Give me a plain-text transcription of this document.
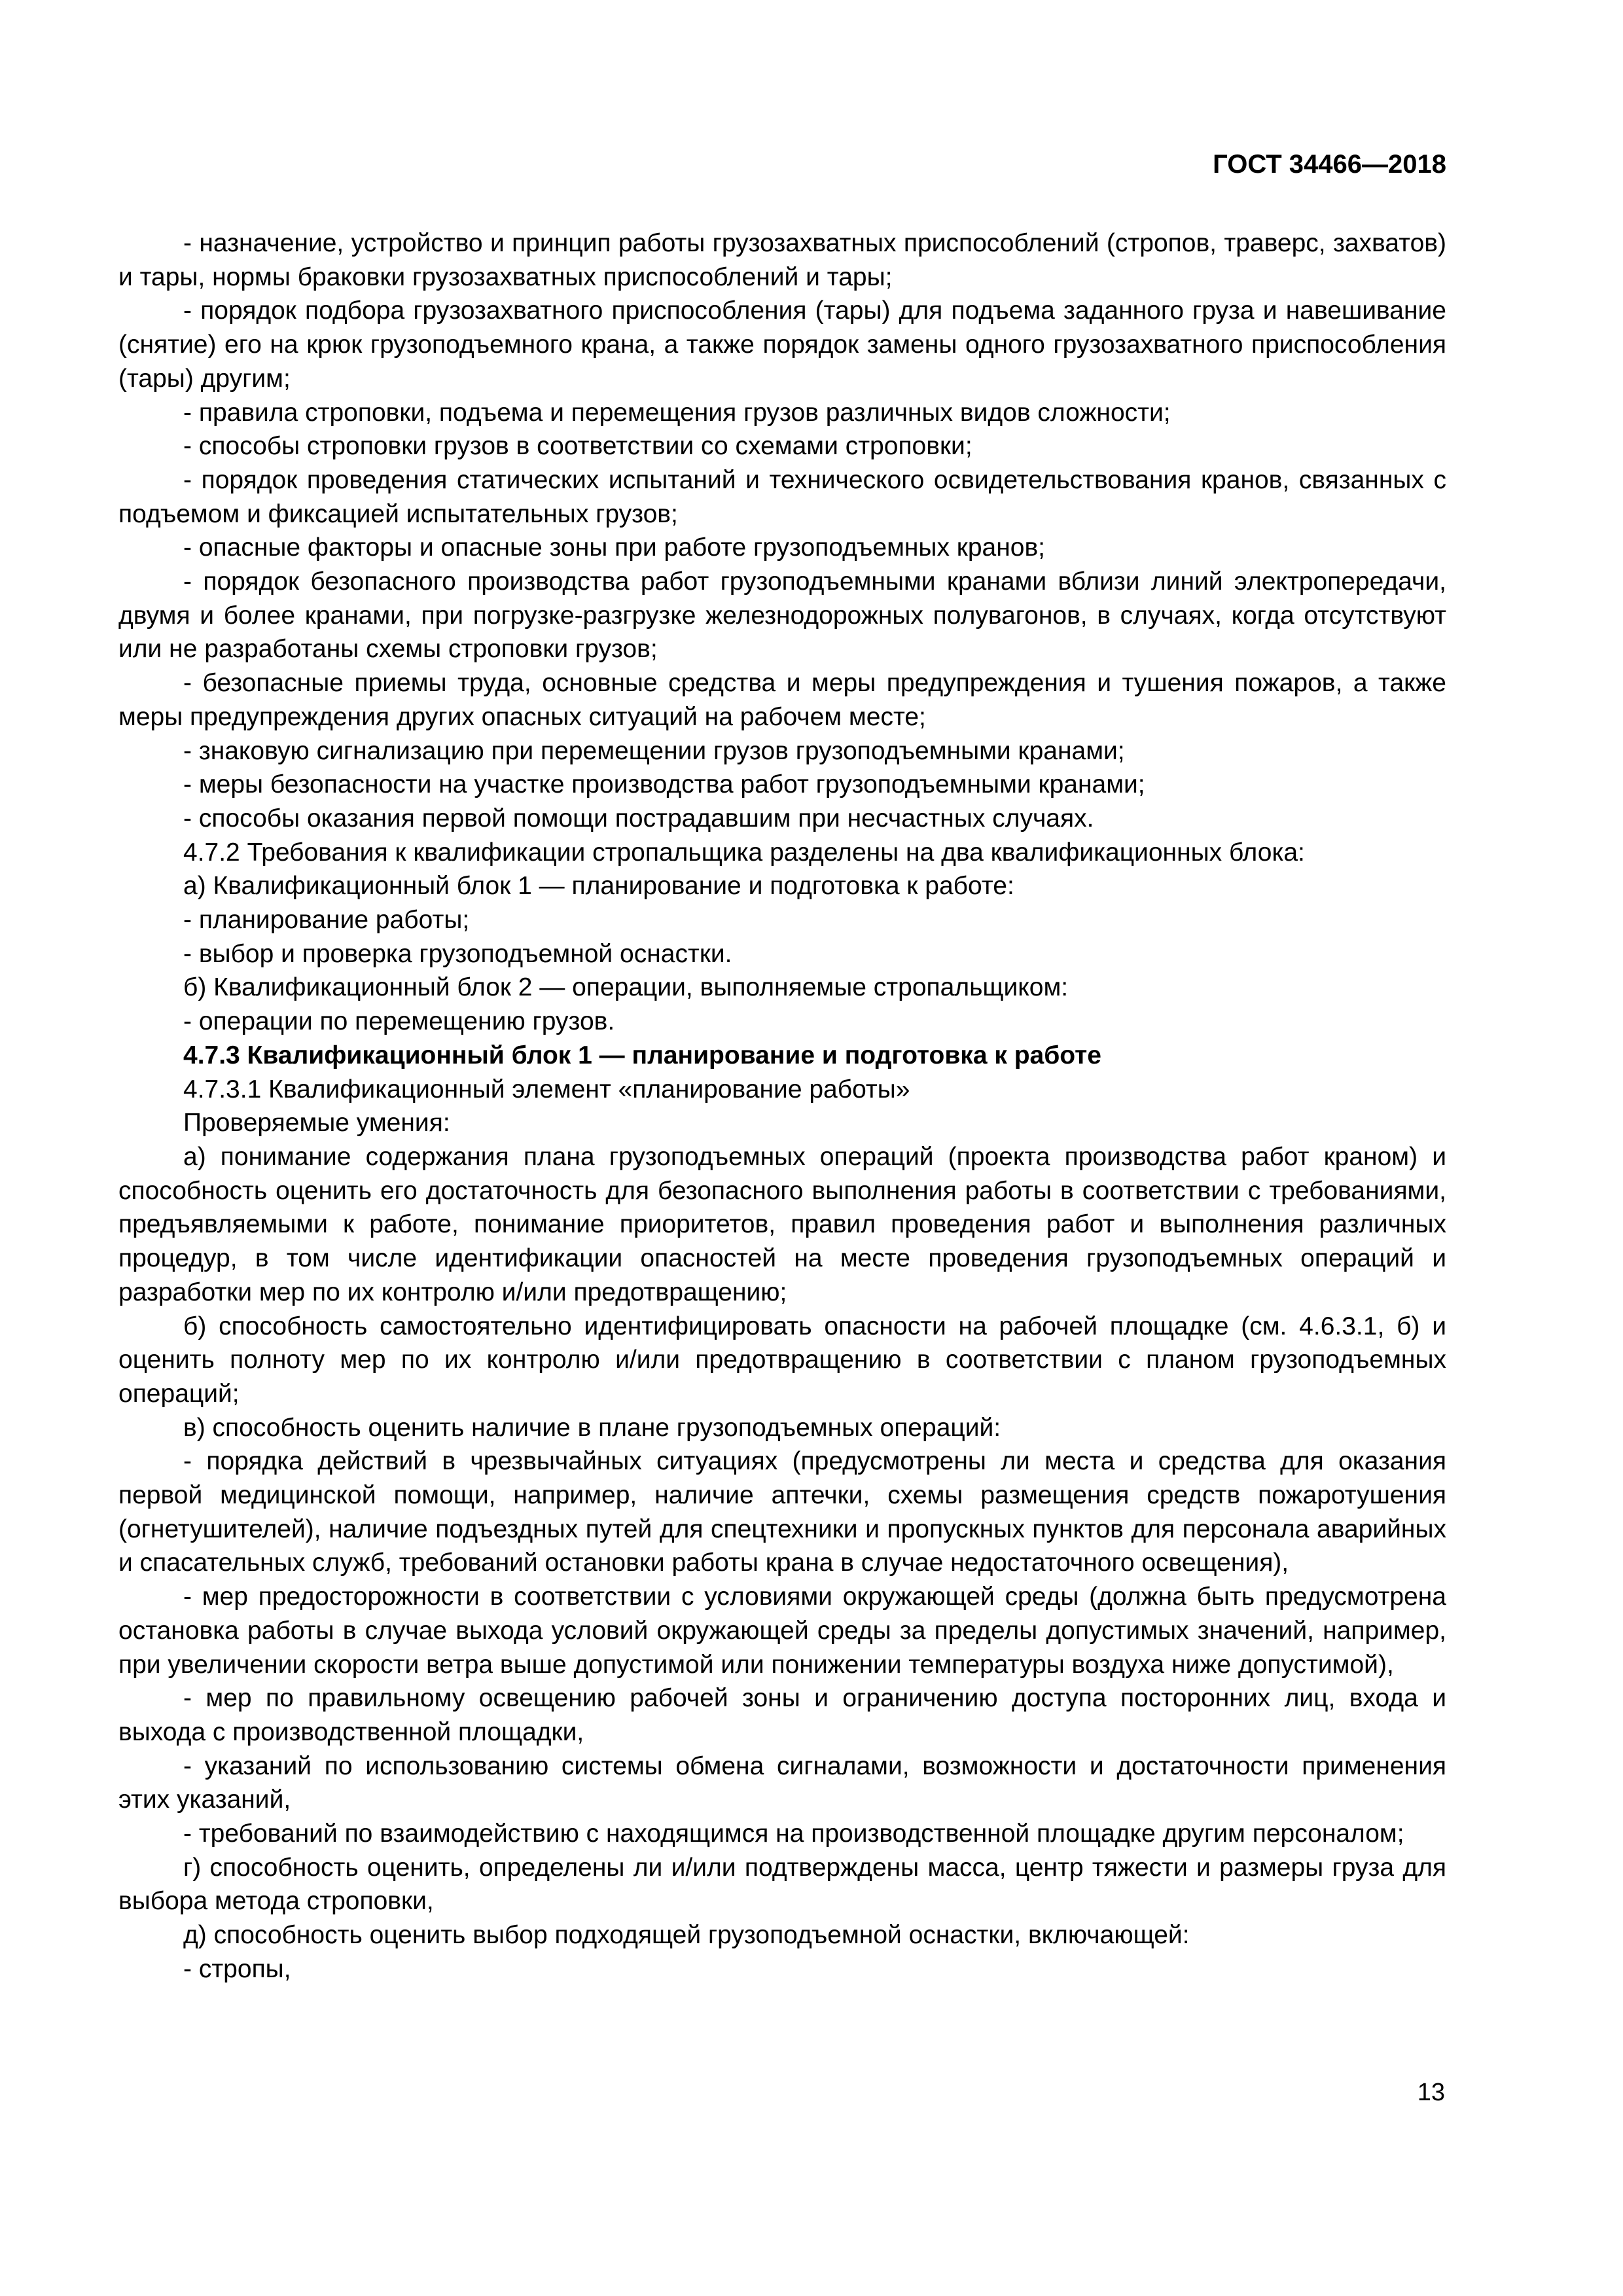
ГОСТ 34466—2018

- назначение, устройство и принцип работы грузозахватных приспособлений (стропов, траверс, захватов) и тары, нормы браковки грузозахватных приспособлений и тары;

- порядок подбора грузозахватного приспособления (тары) для подъема заданного груза и навешивание (снятие) его на крюк грузоподъемного крана, а также порядок замены одного грузозахватного приспособления (тары) другим;

- правила строповки, подъема и перемещения грузов различных видов сложности;

- способы строповки грузов в соответствии со схемами строповки;

- порядок проведения статических испытаний и технического освидетельствования кранов, связанных с подъемом и фиксацией испытательных грузов;

- опасные факторы и опасные зоны при работе грузоподъемных кранов;

- порядок безопасного производства работ грузоподъемными кранами вблизи линий электропередачи, двумя и более кранами, при погрузке-разгрузке железнодорожных полувагонов, в случаях, когда отсутствуют или не разработаны схемы строповки грузов;

- безопасные приемы труда, основные средства и меры предупреждения и тушения пожаров, а также меры предупреждения других опасных ситуаций на рабочем месте;

- знаковую сигнализацию при перемещении грузов грузоподъемными кранами;

- меры безопасности на участке производства работ грузоподъемными кранами;

- способы оказания первой помощи пострадавшим при несчастных случаях.

4.7.2 Требования к квалификации стропальщика разделены на два квалификационных блока:

а) Квалификационный блок 1 — планирование и подготовка к работе:

- планирование работы;

- выбор и проверка грузоподъемной оснастки.

б) Квалификационный блок 2 — операции, выполняемые стропальщиком:

- операции по перемещению грузов.

4.7.3 Квалификационный блок 1 — планирование и подготовка к работе

4.7.3.1 Квалификационный элемент «планирование работы»

Проверяемые умения:

а) понимание содержания плана грузоподъемных операций (проекта производства работ краном) и способность оценить его достаточность для безопасного выполнения работы в соответствии с требованиями, предъявляемыми к работе, понимание приоритетов, правил проведения работ и выполнения различных процедур, в том числе идентификации опасностей на месте проведения грузоподъемных операций и разработки мер по их контролю и/или предотвращению;

б) способность самостоятельно идентифицировать опасности на рабочей площадке (см. 4.6.3.1, б) и оценить полноту мер по их контролю и/или предотвращению в соответствии с планом грузоподъемных операций;

в) способность оценить наличие в плане грузоподъемных операций:

- порядка действий в чрезвычайных ситуациях (предусмотрены ли места и средства для оказания первой медицинской помощи, например, наличие аптечки, схемы размещения средств пожаротушения (огнетушителей), наличие подъездных путей для спецтехники и пропускных пунктов для персонала аварийных и спасательных служб, требований остановки работы крана в случае недостаточного освещения),

- мер предосторожности в соответствии с условиями окружающей среды (должна быть предусмотрена остановка работы в случае выхода условий окружающей среды за пределы допустимых значений, например, при увеличении скорости ветра выше допустимой или понижении температуры воздуха ниже допустимой),

- мер по правильному освещению рабочей зоны и ограничению доступа посторонних лиц, входа и выхода с производственной площадки,

- указаний по использованию системы обмена сигналами, возможности и достаточности применения этих указаний,

- требований по взаимодействию с находящимся на производственной площадке другим персоналом;

г) способность оценить, определены ли и/или подтверждены масса, центр тяжести и размеры груза для выбора метода строповки,

д) способность оценить выбор подходящей грузоподъемной оснастки, включающей:

- стропы,

13
